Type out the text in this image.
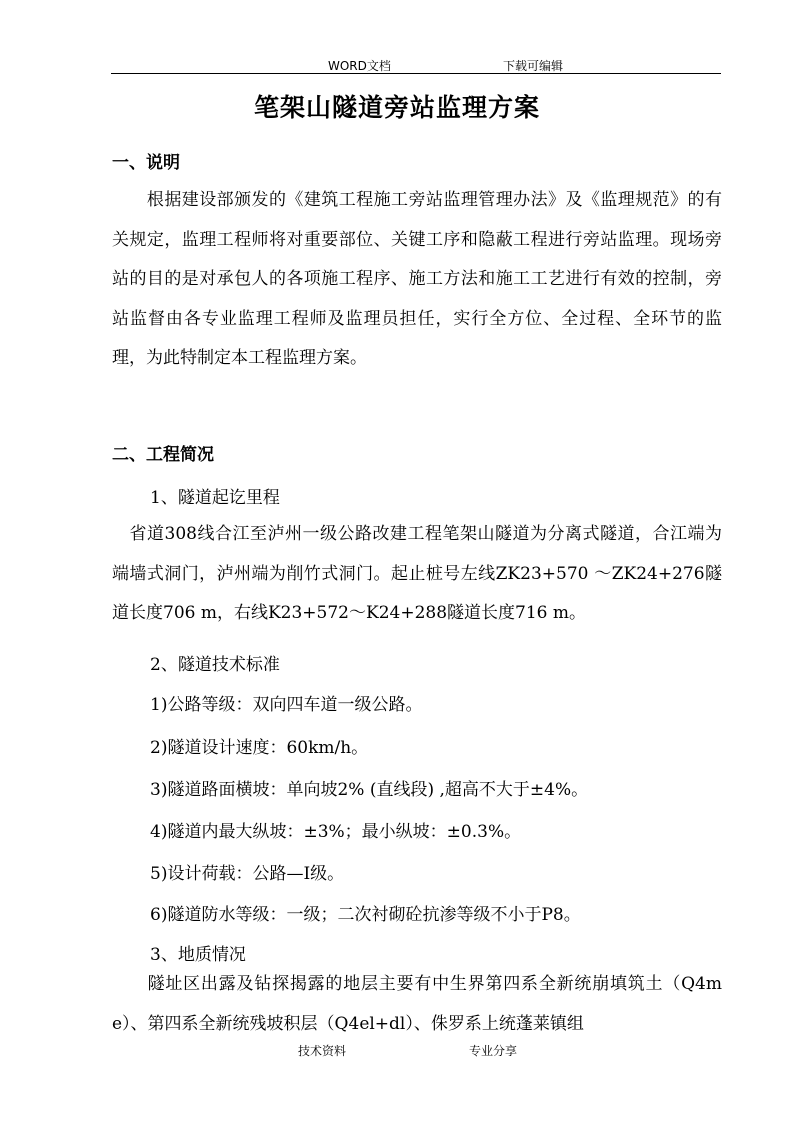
WORD文档	下载可编辑
笔架山隧道旁站监理方案
一、说明
　　根据建设部颁发的《建筑工程施工旁站监理管理办法》及《监理规范》的有关规定，监理工程师将对重要部位、关键工序和隐蔽工程进行旁站监理。现场旁站的目的是对承包人的各项施工程序、施工方法和施工工艺进行有效的控制，旁站监督由各专业监理工程师及监理员担任，实行全方位、全过程、全环节的监理，为此特制定本工程监理方案。
二、工程简况
1、隧道起讫里程
　省道308线合江至泸州一级公路改建工程笔架山隧道为分离式隧道，合江端为端墙式洞门，泸州端为削竹式洞门。起止桩号左线ZK23+570 ～ZK24+276隧道长度706 m，右线K23+572～K24+288隧道长度716 m。
2、隧道技术标准
1)公路等级：双向四车道一级公路。
2)隧道设计速度：60km/h。
3)隧道路面横坡：单向坡2% (直线段) ,超高不大于±4%。
4)隧道内最大纵坡：±3%；最小纵坡：±0.3%。
5)设计荷载：公路—I级。
6)隧道防水等级：一级；二次衬砌砼抗渗等级不小于P8。
3、地质情况
　　隧址区出露及钻探揭露的地层主要有中生界第四系全新统崩填筑土（Q4me）、第四系全新统残坡积层（Q4el+dl）、侏罗系上统蓬莱镇组
技术资料	专业分享
